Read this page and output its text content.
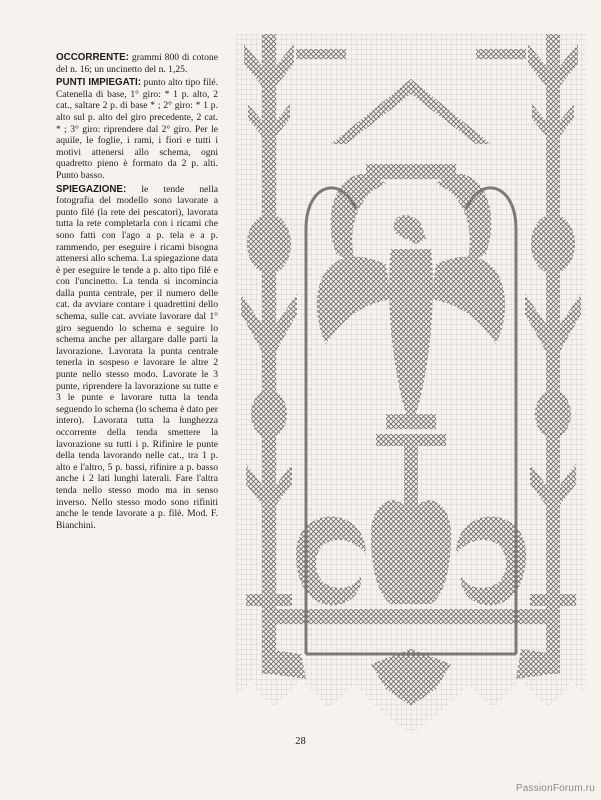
OCCORRENTE: grammi 800 di cotone del n. 16; un uncinetto del n. 1,25.

PUNTI IMPIEGATI: punto alto tipo filé. Catenella di base, 1° giro: * 1 p. alto, 2 cat., saltare 2 p. di base * ; 2° giro: * 1 p. alto sul p. alto del giro precedente, 2 cat. * ; 3° giro: riprendere dal 2° giro. Per le aquile, le foglie, i rami, i fiori e tutti i motivi attenersi allo schema, ogni quadretto pieno è formato da 2 p. alti. Punto basso.

SPIEGAZIONE: le tende nella fotografia del modello sono lavorate a punto filé (la rete dei pescatori), lavorata tutta la rete completarla con i ricami che sono fatti con l'ago a p. tela e a p. rammendo, per eseguire i ricami bisogna attenersi allo schema. La spiegazione data è per eseguire le tende a p. alto tipo filé e con l'uncinetto. La tenda si incomincia dalla punta centrale, per il numero delle cat. da avviare contare i quadrettini dello schema, sulle cat. avviate lavorare dal 1° giro seguendo lo schema e seguire lo schema anche per allargare dalle parti la lavorazione. Lavorata la punta centrale tenerla in sospeso e lavorare le altre 2 punte nello stesso modo. Lavorate le 3 punte, riprendere la lavorazione su tutte e 3 le punte e lavorare tutta la tenda seguendo lo schema (lo schema è dato per intero). Lavorata tutta la lunghezza occorrente della tenda smettere la lavorazione su tutti i p. Rifinire le punte della tenda lavorando nelle cat., tra 1 p. alto e l'altro, 5 p. bassi, rifinire a p. basso anche i 2 lati lunghi laterali. Fare l'altra tenda nello stesso modo ma in senso inverso. Nello stesso modo sono rifiniti anche le tende lavorate a p. filè. Mod. F. Bianchini.

28
PassionForum.ru
